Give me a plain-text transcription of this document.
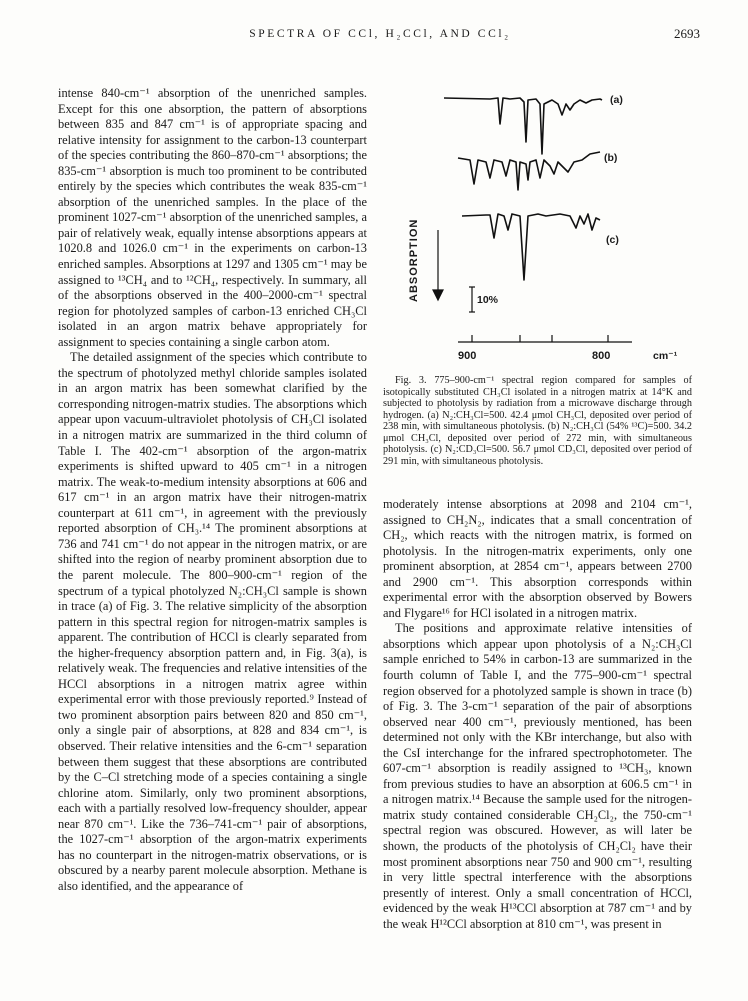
SPECTRA OF CCl, H₂CCl, AND CCl₂	2693

intense 840-cm⁻¹ absorption of the unenriched samples. Except for this one absorption, the pattern of absorptions between 835 and 847 cm⁻¹ is of appropriate spacing and relative intensity for assignment to the carbon-13 counterpart of the species contributing the 860–870-cm⁻¹ absorptions; the 835-cm⁻¹ absorption is much too prominent to be contributed entirely by the species which contributes the weak 835-cm⁻¹ absorption of the unenriched samples. In the place of the prominent 1027-cm⁻¹ absorption of the unenriched samples, a pair of relatively weak, equally intense absorptions appears at 1020.8 and 1026.0 cm⁻¹ in the experiments on carbon-13 enriched samples. Absorptions at 1297 and 1305 cm⁻¹ may be assigned to ¹³CH₄ and to ¹²CH₄, respectively. In summary, all of the absorptions observed in the 400–2000-cm⁻¹ spectral region for photolyzed samples of carbon-13 enriched CH₃Cl isolated in an argon matrix behave appropriately for assignment to species containing a single carbon atom.

The detailed assignment of the species which contribute to the spectrum of photolyzed methyl chloride samples isolated in an argon matrix has been somewhat clarified by the corresponding nitrogen-matrix studies. The absorptions which appear upon vacuum-ultraviolet photolysis of CH₃Cl isolated in a nitrogen matrix are summarized in the third column of Table I. The 402-cm⁻¹ absorption of the argon-matrix experiments is shifted upward to 405 cm⁻¹ in a nitrogen matrix. The weak-to-medium intensity absorptions at 606 and 617 cm⁻¹ in an argon matrix have their nitrogen-matrix counterpart at 611 cm⁻¹, in agreement with the previously reported absorption of CH₃.¹⁴ The prominent absorptions at 736 and 741 cm⁻¹ do not appear in the nitrogen matrix, or are shifted into the region of nearby prominent absorption due to the parent molecule. The 800–900-cm⁻¹ region of the spectrum of a typical photolyzed N₂:CH₃Cl sample is shown in trace (a) of Fig. 3. The relative simplicity of the absorption pattern in this spectral region for nitrogen-matrix samples is apparent. The contribution of HCCl is clearly separated from the higher-frequency absorption pattern and, in Fig. 3(a), is relatively weak. The frequencies and relative intensities of the HCCl absorptions in a nitrogen matrix agree within experimental error with those previously reported.⁹ Instead of two prominent absorption pairs between 820 and 850 cm⁻¹, only a single pair of absorptions, at 828 and 834 cm⁻¹, is observed. Their relative intensities and the 6-cm⁻¹ separation between them suggest that these absorptions are contributed by the C–Cl stretching mode of a species containing a single chlorine atom. Similarly, only two prominent absorptions, each with a partially resolved low-frequency shoulder, appear near 870 cm⁻¹. Like the 736–741-cm⁻¹ pair of absorptions, the 1027-cm⁻¹ absorption of the argon-matrix experiments has no counterpart in the nitrogen-matrix observations, or is obscured by a nearby parent molecule absorption. Methane is also identified, and the appearance of

ABSORPTION
(a)
(b)
(c)
10%
900	800	cm⁻¹

Fig. 3. 775–900-cm⁻¹ spectral region compared for samples of isotopically substituted CH₃Cl isolated in a nitrogen matrix at 14°K and subjected to photolysis by radiation from a microwave discharge through hydrogen. (a) N₂:CH₃Cl=500. 42.4 μmol CH₃Cl, deposited over period of 238 min, with simultaneous photolysis. (b) N₂:CH₃Cl (54% ¹³C)=500. 34.2 μmol CH₃Cl, deposited over period of 272 min, with simultaneous photolysis. (c) N₂:CD₃Cl=500. 56.7 μmol CD₃Cl, deposited over period of 291 min, with simultaneous photolysis.

moderately intense absorptions at 2098 and 2104 cm⁻¹, assigned to CH₂N₂, indicates that a small concentration of CH₂, which reacts with the nitrogen matrix, is formed on photolysis. In the nitrogen-matrix experiments, only one prominent absorption, at 2854 cm⁻¹, appears between 2700 and 2900 cm⁻¹. This absorption corresponds within experimental error with the absorption observed by Bowers and Flygare¹⁶ for HCl isolated in a nitrogen matrix.

The positions and approximate relative intensities of absorptions which appear upon photolysis of a N₂:CH₃Cl sample enriched to 54% in carbon-13 are summarized in the fourth column of Table I, and the 775–900-cm⁻¹ spectral region observed for a photolyzed sample is shown in trace (b) of Fig. 3. The 3-cm⁻¹ separation of the pair of absorptions observed near 400 cm⁻¹, previously mentioned, has been determined not only with the KBr interchange, but also with the CsI interchange for the infrared spectrophotometer. The 607-cm⁻¹ absorption is readily assigned to ¹³CH₃, known from previous studies to have an absorption at 606.5 cm⁻¹ in a nitrogen matrix.¹⁴ Because the sample used for the nitrogen-matrix study contained considerable CH₂Cl₂, the 750-cm⁻¹ spectral region was obscured. However, as will later be shown, the products of the photolysis of CH₂Cl₂ have their most prominent absorptions near 750 and 900 cm⁻¹, resulting in very little spectral interference with the absorptions presently of interest. Only a small concentration of HCCl, evidenced by the weak H¹³CCl absorption at 787 cm⁻¹ and by the weak H¹²CCl absorption at 810 cm⁻¹, was present in
